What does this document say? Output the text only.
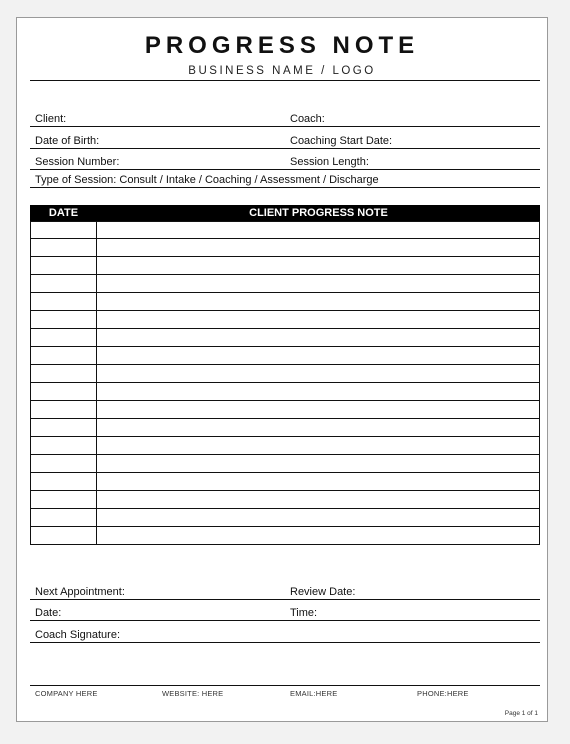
PROGRESS NOTE
BUSINESS NAME / LOGO
Client:	Coach:
Date of Birth:	Coaching Start Date:
Session Number:	Session Length:
Type of Session: Consult / Intake / Coaching / Assessment / Discharge
DATE	CLIENT PROGRESS NOTE
Next Appointment:	Review Date:
Date:	Time:
Coach Signature:
COMPANY HERE	WEBSITE: HERE	EMAIL:HERE	PHONE:HERE
Page 1 of 1
